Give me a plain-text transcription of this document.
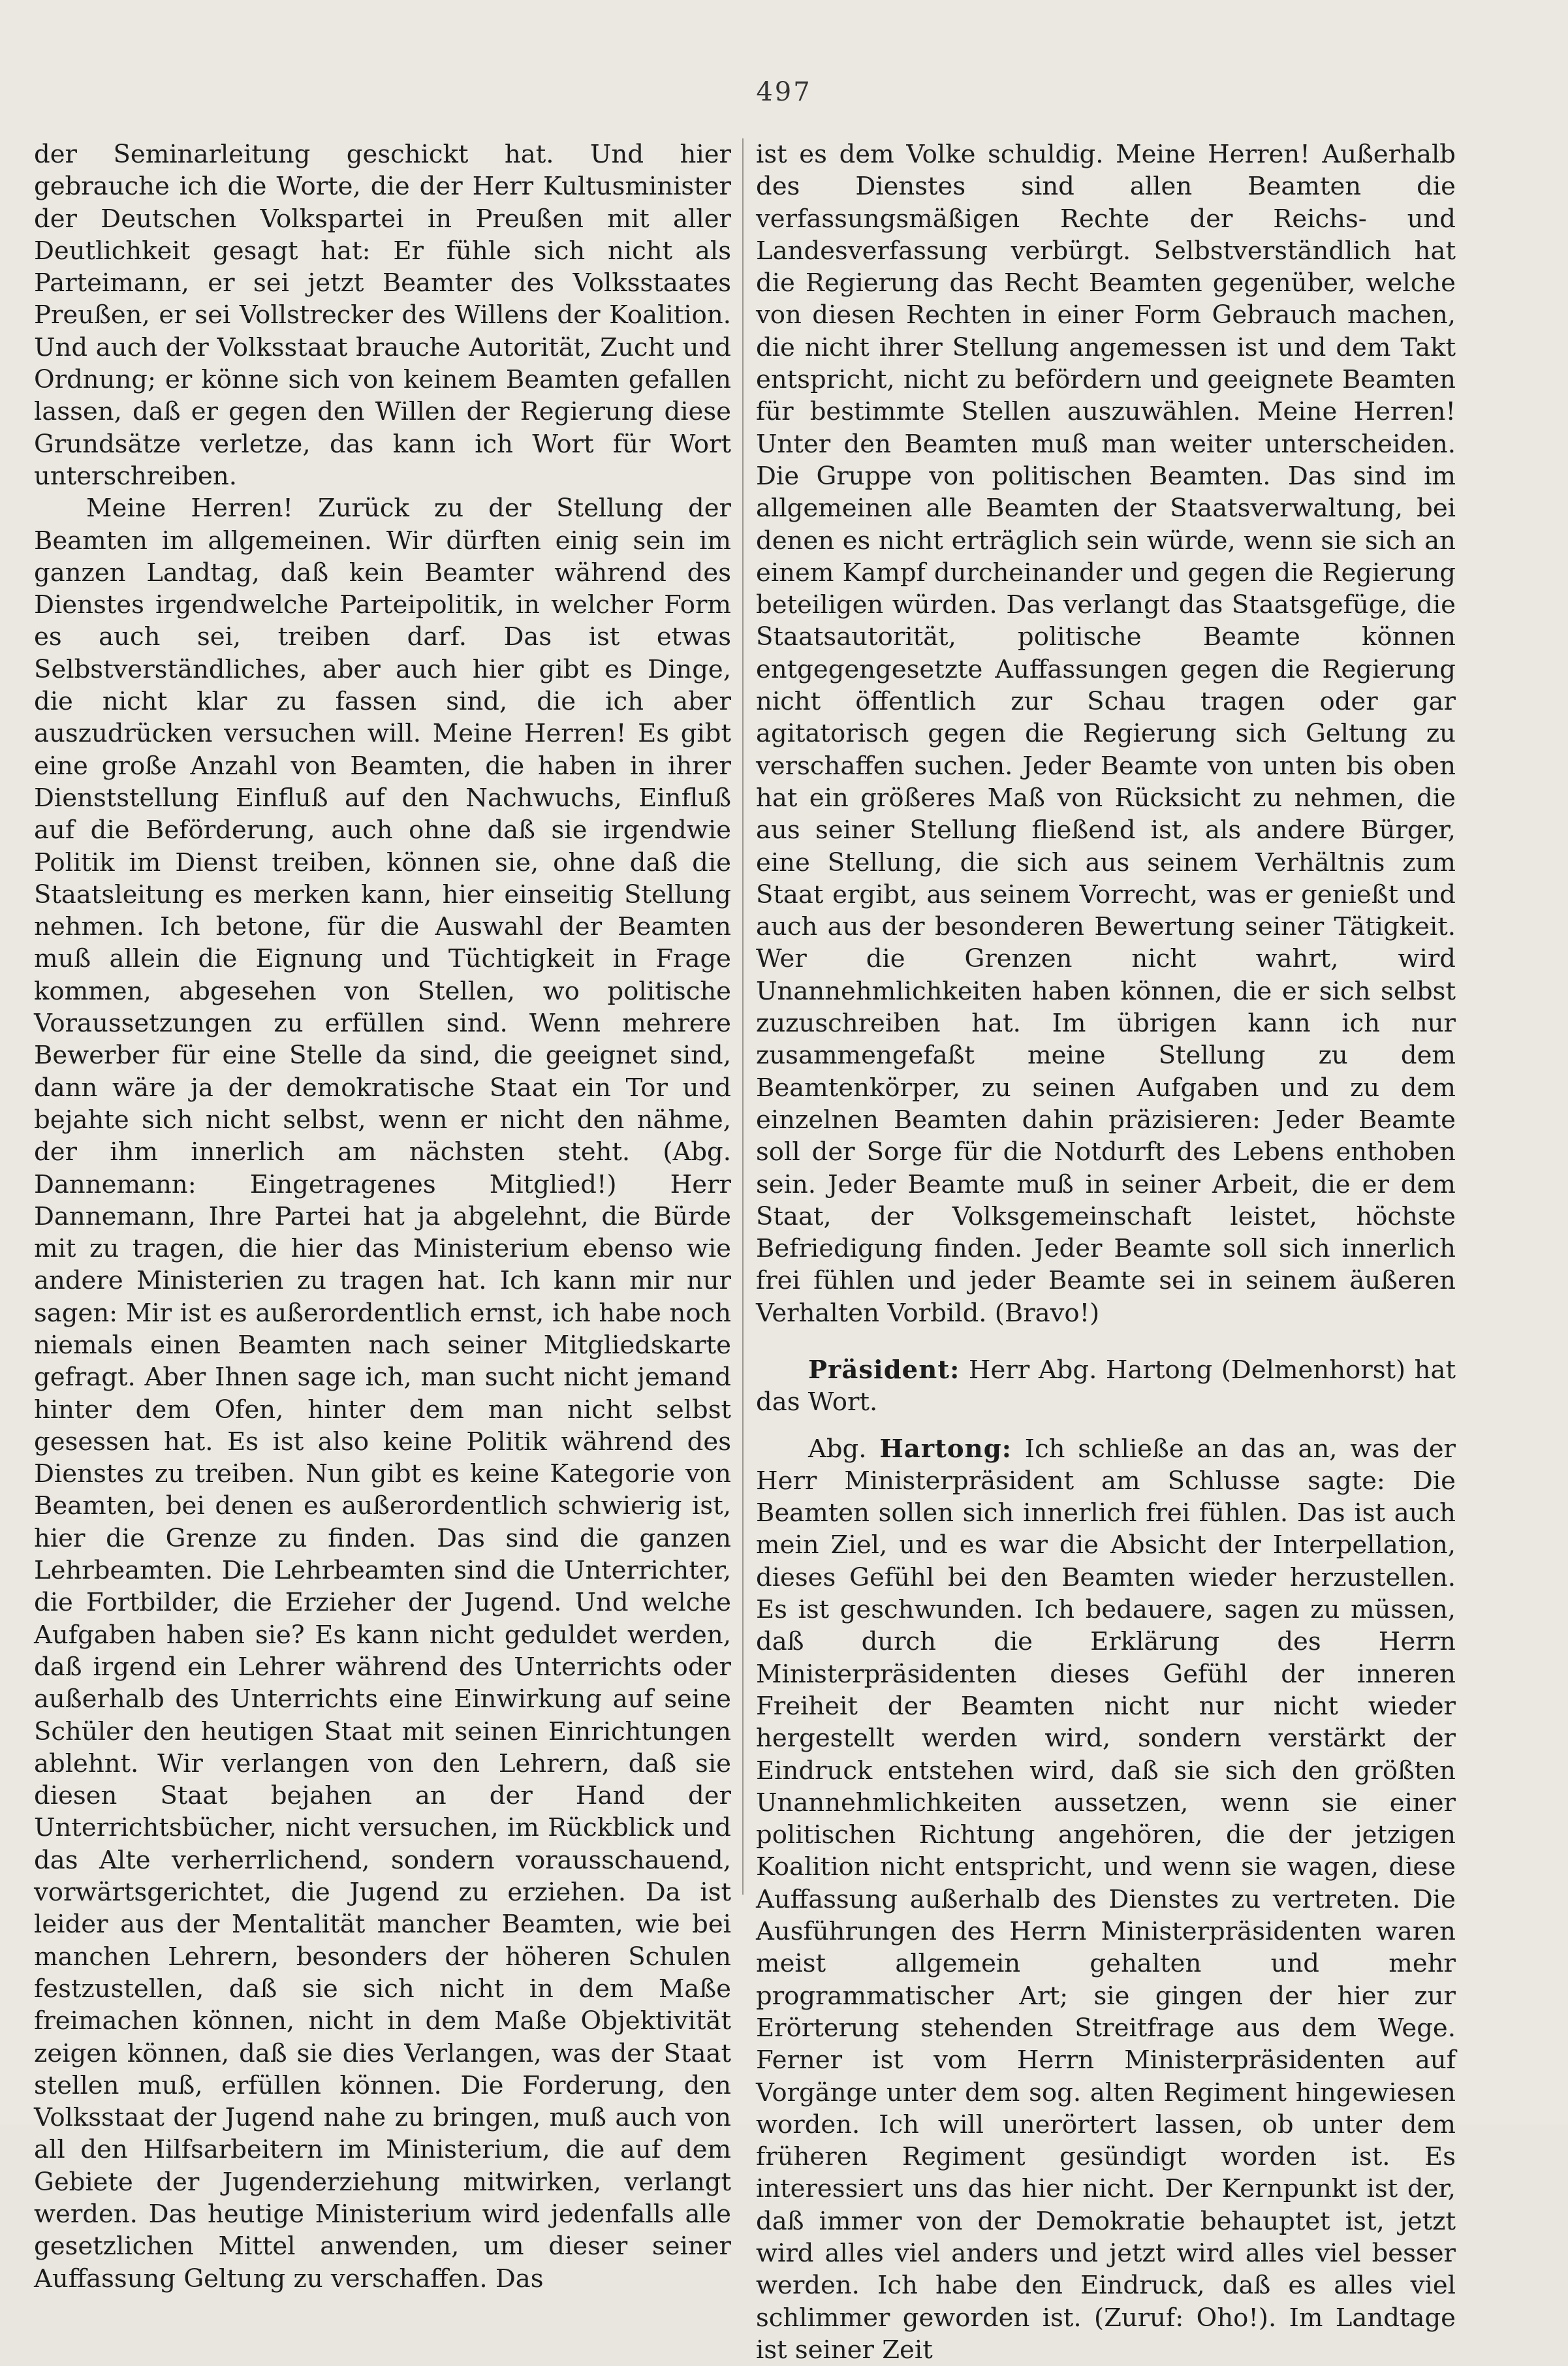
497

der Seminarleitung geschickt hat. Und hier gebrauche ich die Worte, die der Herr Kultusminister der Deutschen Volkspartei in Preußen mit aller Deutlichkeit gesagt hat: Er fühle sich nicht als Parteimann, er sei jetzt Beamter des Volksstaates Preußen, er sei Vollstrecker des Willens der Koalition. Und auch der Volksstaat brauche Autorität, Zucht und Ordnung; er könne sich von keinem Beamten gefallen lassen, daß er gegen den Willen der Regierung diese Grundsätze verletze, das kann ich Wort für Wort unterschreiben.

Meine Herren! Zurück zu der Stellung der Beamten im allgemeinen. Wir dürften einig sein im ganzen Landtag, daß kein Beamter während des Dienstes irgendwelche Parteipolitik, in welcher Form es auch sei, treiben darf. Das ist etwas Selbstverständliches, aber auch hier gibt es Dinge, die nicht klar zu fassen sind, die ich aber auszudrücken versuchen will. Meine Herren! Es gibt eine große Anzahl von Beamten, die haben in ihrer Dienststellung Einfluß auf den Nachwuchs, Einfluß auf die Beförderung, auch ohne daß sie irgendwie Politik im Dienst treiben, können sie, ohne daß die Staatsleitung es merken kann, hier einseitig Stellung nehmen. Ich betone, für die Auswahl der Beamten muß allein die Eignung und Tüchtigkeit in Frage kommen, abgesehen von Stellen, wo politische Voraussetzungen zu erfüllen sind. Wenn mehrere Bewerber für eine Stelle da sind, die geeignet sind, dann wäre ja der demokratische Staat ein Tor und bejahte sich nicht selbst, wenn er nicht den nähme, der ihm innerlich am nächsten steht. (Abg. Dannemann: Eingetragenes Mitglied!) Herr Dannemann, Ihre Partei hat ja abgelehnt, die Bürde mit zu tragen, die hier das Ministerium ebenso wie andere Ministerien zu tragen hat. Ich kann mir nur sagen: Mir ist es außerordentlich ernst, ich habe noch niemals einen Beamten nach seiner Mitgliedskarte gefragt. Aber Ihnen sage ich, man sucht nicht jemand hinter dem Ofen, hinter dem man nicht selbst gesessen hat. Es ist also keine Politik während des Dienstes zu treiben. Nun gibt es keine Kategorie von Beamten, bei denen es außerordentlich schwierig ist, hier die Grenze zu finden. Das sind die ganzen Lehrbeamten. Die Lehrbeamten sind die Unterrichter, die Fortbilder, die Erzieher der Jugend. Und welche Aufgaben haben sie? Es kann nicht geduldet werden, daß irgend ein Lehrer während des Unterrichts oder außerhalb des Unterrichts eine Einwirkung auf seine Schüler den heutigen Staat mit seinen Einrichtungen ablehnt. Wir verlangen von den Lehrern, daß sie diesen Staat bejahen an der Hand der Unterrichtsbücher, nicht versuchen, im Rückblick und das Alte verherrlichend, sondern vorausschauend, vorwärtsgerichtet, die Jugend zu erziehen. Da ist leider aus der Mentalität mancher Beamten, wie bei manchen Lehrern, besonders der höheren Schulen festzustellen, daß sie sich nicht in dem Maße freimachen können, nicht in dem Maße Objektivität zeigen können, daß sie dies Verlangen, was der Staat stellen muß, erfüllen können. Die Forderung, den Volksstaat der Jugend nahe zu bringen, muß auch von all den Hilfsarbeitern im Ministerium, die auf dem Gebiete der Jugenderziehung mitwirken, verlangt werden. Das heutige Ministerium wird jedenfalls alle gesetzlichen Mittel anwenden, um dieser seiner Auffassung Geltung zu verschaffen. Das

ist es dem Volke schuldig. Meine Herren! Außerhalb des Dienstes sind allen Beamten die verfassungsmäßigen Rechte der Reichs- und Landesverfassung verbürgt. Selbstverständlich hat die Regierung das Recht Beamten gegenüber, welche von diesen Rechten in einer Form Gebrauch machen, die nicht ihrer Stellung angemessen ist und dem Takt entspricht, nicht zu befördern und geeignete Beamten für bestimmte Stellen auszuwählen. Meine Herren! Unter den Beamten muß man weiter unterscheiden. Die Gruppe von politischen Beamten. Das sind im allgemeinen alle Beamten der Staatsverwaltung, bei denen es nicht erträglich sein würde, wenn sie sich an einem Kampf durcheinander und gegen die Regierung beteiligen würden. Das verlangt das Staatsgefüge, die Staatsautorität, politische Beamte können entgegengesetzte Auffassungen gegen die Regierung nicht öffentlich zur Schau tragen oder gar agitatorisch gegen die Regierung sich Geltung zu verschaffen suchen. Jeder Beamte von unten bis oben hat ein größeres Maß von Rücksicht zu nehmen, die aus seiner Stellung fließend ist, als andere Bürger, eine Stellung, die sich aus seinem Verhältnis zum Staat ergibt, aus seinem Vorrecht, was er genießt und auch aus der besonderen Bewertung seiner Tätigkeit. Wer die Grenzen nicht wahrt, wird Unannehmlichkeiten haben können, die er sich selbst zuzuschreiben hat. Im übrigen kann ich nur zusammengefaßt meine Stellung zu dem Beamtenkörper, zu seinen Aufgaben und zu dem einzelnen Beamten dahin präzisieren: Jeder Beamte soll der Sorge für die Notdurft des Lebens enthoben sein. Jeder Beamte muß in seiner Arbeit, die er dem Staat, der Volksgemeinschaft leistet, höchste Befriedigung finden. Jeder Beamte soll sich innerlich frei fühlen und jeder Beamte sei in seinem äußeren Verhalten Vorbild. (Bravo!)

Präsident: Herr Abg. Hartong (Delmenhorst) hat das Wort.

Abg. Hartong: Ich schließe an das an, was der Herr Ministerpräsident am Schlusse sagte: Die Beamten sollen sich innerlich frei fühlen. Das ist auch mein Ziel, und es war die Absicht der Interpellation, dieses Gefühl bei den Beamten wieder herzustellen. Es ist geschwunden. Ich bedauere, sagen zu müssen, daß durch die Erklärung des Herrn Ministerpräsidenten dieses Gefühl der inneren Freiheit der Beamten nicht nur nicht wieder hergestellt werden wird, sondern verstärkt der Eindruck entstehen wird, daß sie sich den größten Unannehmlichkeiten aussetzen, wenn sie einer politischen Richtung angehören, die der jetzigen Koalition nicht entspricht, und wenn sie wagen, diese Auffassung außerhalb des Dienstes zu vertreten. Die Ausführungen des Herrn Ministerpräsidenten waren meist allgemein gehalten und mehr programmatischer Art; sie gingen der hier zur Erörterung stehenden Streitfrage aus dem Wege. Ferner ist vom Herrn Ministerpräsidenten auf Vorgänge unter dem sog. alten Regiment hingewiesen worden. Ich will unerörtert lassen, ob unter dem früheren Regiment gesündigt worden ist. Es interessiert uns das hier nicht. Der Kernpunkt ist der, daß immer von der Demokratie behauptet ist, jetzt wird alles viel anders und jetzt wird alles viel besser werden. Ich habe den Eindruck, daß es alles viel schlimmer geworden ist. (Zuruf: Oho!). Im Landtage ist seiner Zeit
